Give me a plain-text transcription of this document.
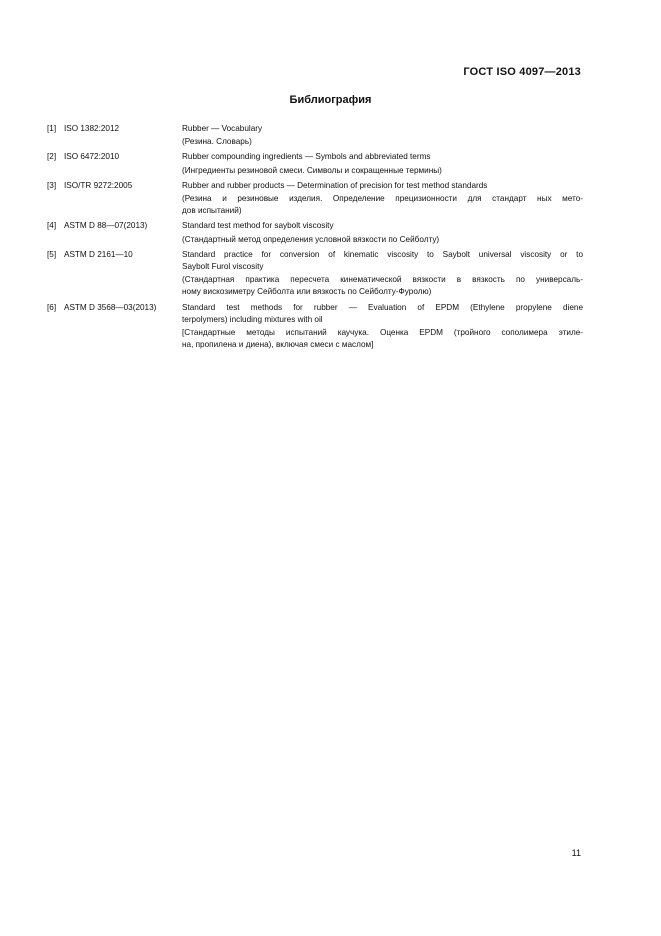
ГОСТ ISO 4097—2013
Библиография
[1] ISO 1382:2012	Rubber — Vocabulary
(Резина. Словарь)
[2] ISO 6472:2010	Rubber compounding ingredients — Symbols and abbreviated terms
(Ингредиенты резиновой смеси. Символы и сокращенные термины)
[3] ISO/TR 9272:2005	Rubber and rubber products — Determination of precision for test method standards
(Резина и резиновые изделия. Определение прецизионности для стандарт ных мето-
дов испытаний)
[4] ASTM D 88—07(2013)	Standard test method for saybolt viscosity
(Стандартный метод определения условной вязкости по Сейболту)
[5] ASTM D 2161—10	Standard practice for conversion of kinematic viscosity to Saybolt universal viscosity or to
Saybolt Furol viscosity
(Стандартная практика пересчета кинематической вязкости в вязкость по универсаль-
ному вискозиметру Сейболта или вязкость по Сейболту-Фуролю)
[6] ASTM D 3568—03(2013)	Standard test methods for rubber — Evaluation of EPDM (Ethylene propylene diene
terpolymers) including mixtures with oil
[Стандартные методы испытаний каучука. Оценка EPDM (тройного сополимера этиле-
на, пропилена и диена), включая смеси с маслом]
11
